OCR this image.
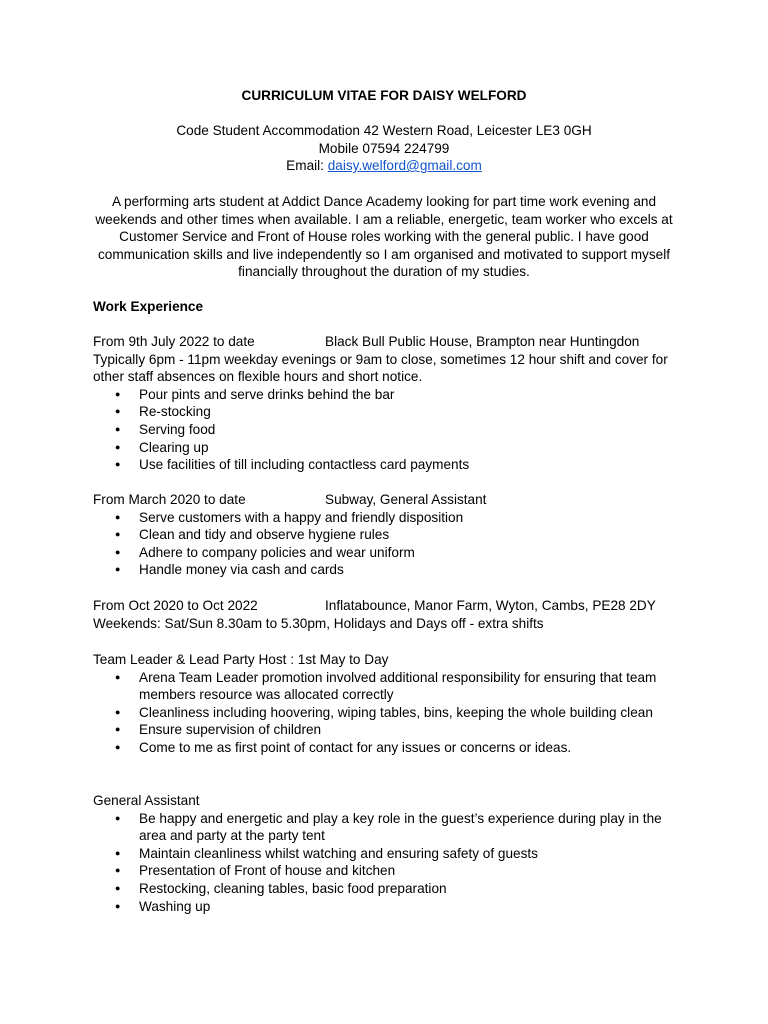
CURRICULUM VITAE FOR DAISY WELFORD
Code Student Accommodation 42 Western Road, Leicester LE3 0GH
Mobile 07594 224799
Email: daisy.welford@gmail.com
A performing arts student at Addict Dance Academy looking for part time work evening and weekends and other times when available. I am a reliable, energetic, team worker who excels at Customer Service and Front of House roles working with the general public. I have good communication skills and live independently so I am organised and motivated to support myself financially throughout the duration of my studies.
Work Experience
From 9th July 2022 to date	Black Bull Public House, Brampton near Huntingdon
Typically 6pm - 11pm weekday evenings or 9am to close, sometimes 12 hour shift and cover for other staff absences on flexible hours and short notice.
● Pour pints and serve drinks behind the bar
● Re-stocking
● Serving food
● Clearing up
● Use facilities of till including contactless card payments
From March 2020 to date	Subway, General Assistant
● Serve customers with a happy and friendly disposition
● Clean and tidy and observe hygiene rules
● Adhere to company policies and wear uniform
● Handle money via cash and cards
From Oct 2020 to Oct 2022	Inflatabounce, Manor Farm, Wyton, Cambs, PE28 2DY
Weekends: Sat/Sun 8.30am to 5.30pm, Holidays and Days off - extra shifts
Team Leader & Lead Party Host : 1st May to Day
● Arena Team Leader promotion involved additional responsibility for ensuring that team members resource was allocated correctly
● Cleanliness including hoovering, wiping tables, bins, keeping the whole building clean
● Ensure supervision of children
● Come to me as first point of contact for any issues or concerns or ideas.
General Assistant
● Be happy and energetic and play a key role in the guest’s experience during play in the area and party at the party tent
● Maintain cleanliness whilst watching and ensuring safety of guests
● Presentation of Front of house and kitchen
● Restocking, cleaning tables, basic food preparation
● Washing up
